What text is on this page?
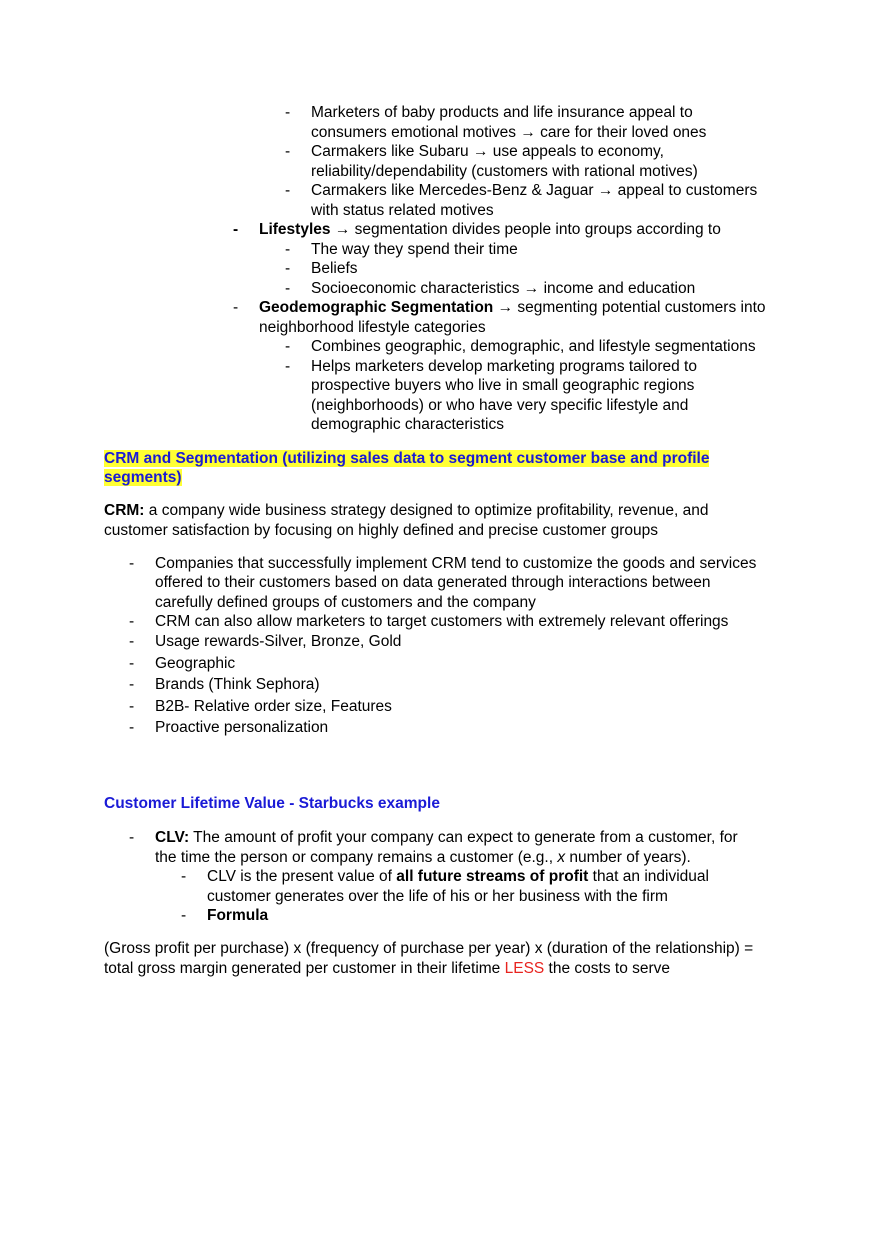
- Marketers of baby products and life insurance appeal to
consumers emotional motives → care for their loved ones
- Carmakers like Subaru → use appeals to economy,
reliability/dependability (customers with rational motives)
- Carmakers like Mercedes-Benz & Jaguar → appeal to customers
with status related motives
- Lifestyles → segmentation divides people into groups according to
- The way they spend their time
- Beliefs
- Socioeconomic characteristics → income and education
- Geodemographic Segmentation → segmenting potential customers into
neighborhood lifestyle categories
- Combines geographic, demographic, and lifestyle segmentations
- Helps marketers develop marketing programs tailored to
prospective buyers who live in small geographic regions
(neighborhoods) or who have very specific lifestyle and
demographic characteristics
CRM and Segmentation (utilizing sales data to segment customer base and profile
segments)
CRM: a company wide business strategy designed to optimize profitability, revenue, and
customer satisfaction by focusing on highly defined and precise customer groups
- Companies that successfully implement CRM tend to customize the goods and services
offered to their customers based on data generated through interactions between
carefully defined groups of customers and the company
- CRM can also allow marketers to target customers with extremely relevant offerings
- Usage rewards-Silver, Bronze, Gold
- Geographic
- Brands (Think Sephora)
- B2B- Relative order size, Features
- Proactive personalization
Customer Lifetime Value - Starbucks example
- CLV: The amount of profit your company can expect to generate from a customer, for
the time the person or company remains a customer (e.g., x number of years).
- CLV is the present value of all future streams of profit that an individual
customer generates over the life of his or her business with the firm
- Formula
(Gross profit per purchase) x (frequency of purchase per year) x (duration of the relationship) =
total gross margin generated per customer in their lifetime LESS the costs to serve
